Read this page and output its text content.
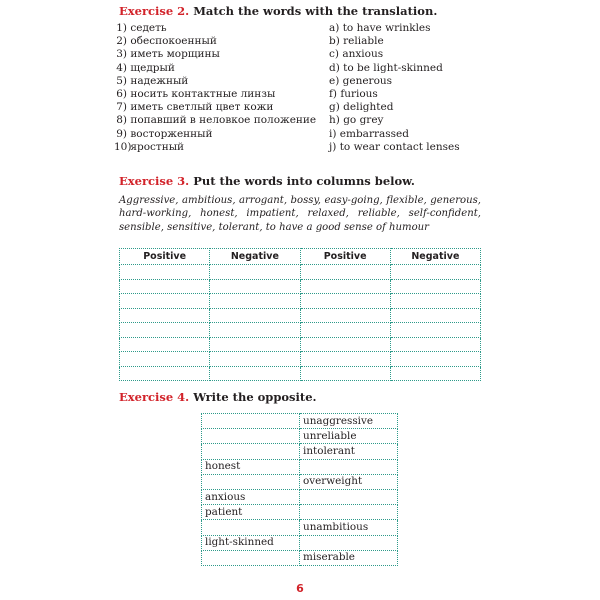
Exercise 2. Match the words with the translation.
1) седеть
2) обеспокоенный
3) иметь морщины
4) щедрый
5) надежный
6) носить контактные линзы
7) иметь светлый цвет кожи
8) попавший в неловкое положение
9) восторженный
10) яростный
a) to have wrinkles
b) reliable
c) anxious
d) to be light-skinned
e) generous
f) furious
g) delighted
h) go grey
i) embarrassed
j) to wear contact lenses
Exercise 3. Put the words into columns below.
Aggressive, ambitious, arrogant, bossy, easy-going, flexible, generous, hard-working, honest, impatient, relaxed, reliable, self-confident, sensible, sensitive, tolerant, to have a good sense of humour
Positive	Negative	Positive	Negative

Exercise 4. Write the opposite.
	unaggressive
	unreliable
	intolerant
honest	
	overweight
anxious	
patient	
	unambitious
light-skinned	
	miserable
6
